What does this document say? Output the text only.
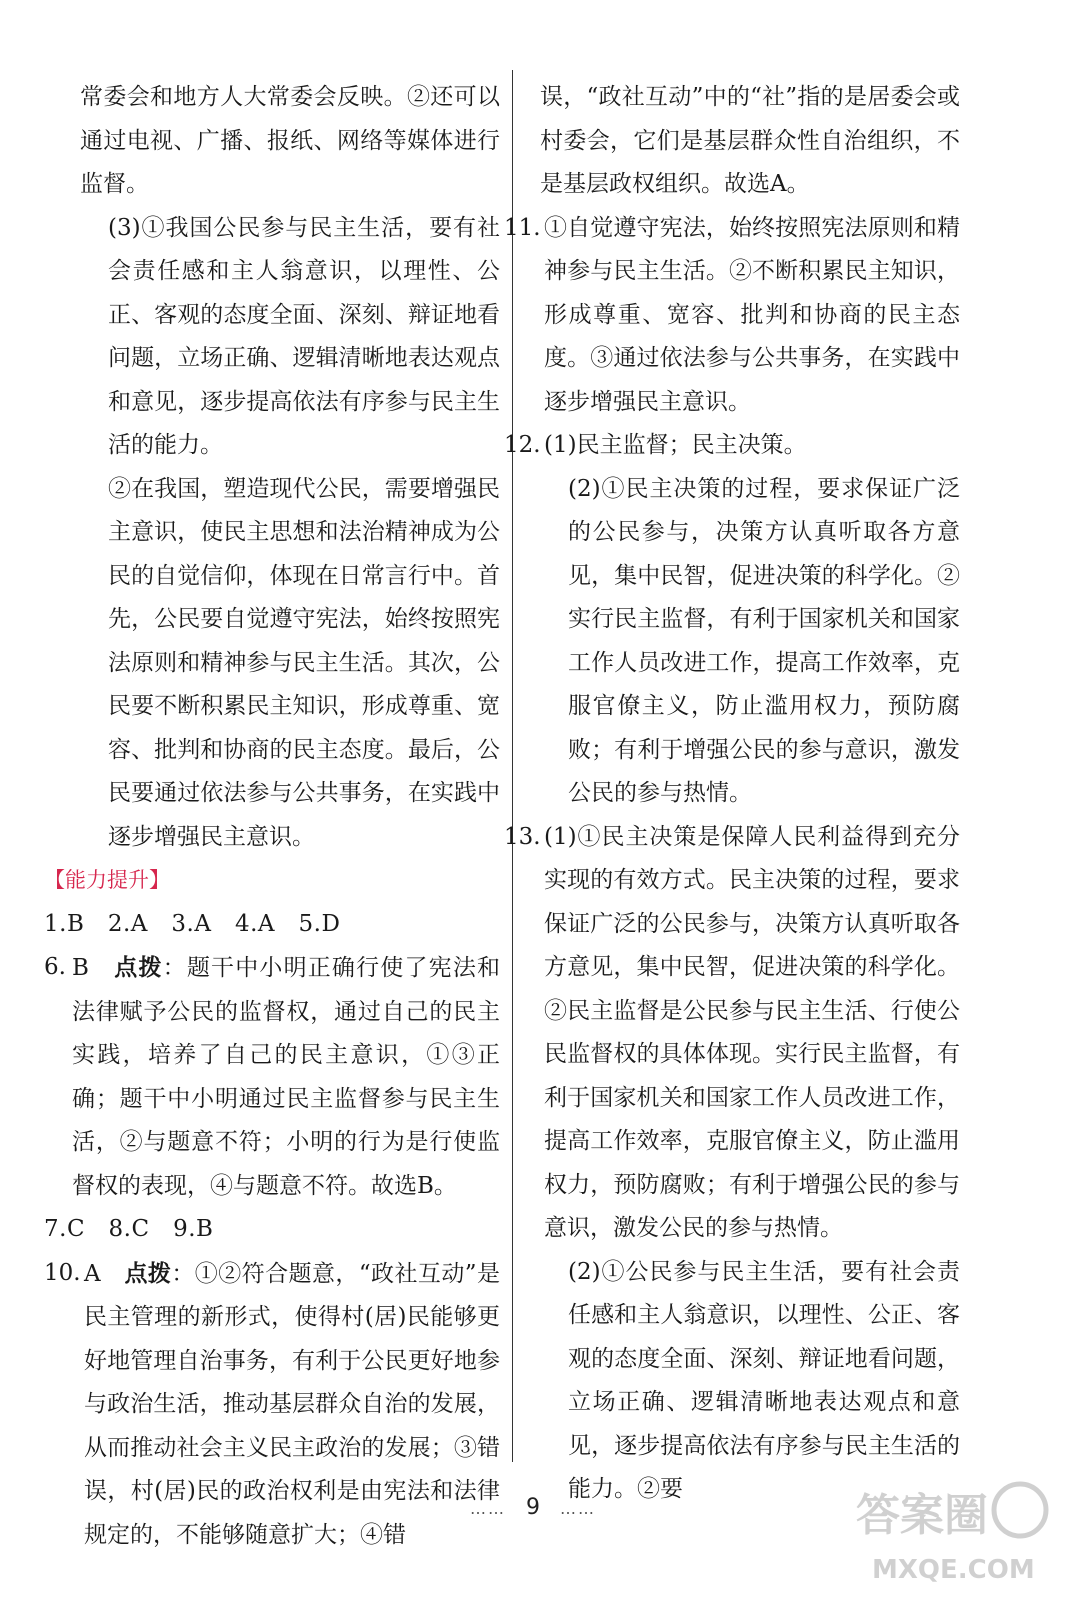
常委会和地方人大常委会反映。②还可以通过电视、广播、报纸、网络等媒体进行监督。

(3)①我国公民参与民主生活，要有社会责任感和主人翁意识，以理性、公正、客观的态度全面、深刻、辩证地看问题，立场正确、逻辑清晰地表达观点和意见，逐步提高依法有序参与民主生活的能力。

②在我国，塑造现代公民，需要增强民主意识，使民主思想和法治精神成为公民的自觉信仰，体现在日常言行中。首先，公民要自觉遵守宪法，始终按照宪法原则和精神参与民主生活。其次，公民要不断积累民主知识，形成尊重、宽容、批判和协商的民主态度。最后，公民要通过依法参与公共事务，在实践中逐步增强民主意识。

【能力提升】
1.B　2.A　3.A　4.A　5.D
6. B　 点拨：题干中小明正确行使了宪法和法律赋予公民的监督权，通过自己的民主实践，培养了自己的民主意识，①③正确；题干中小明通过民主监督参与民主生活，②与题意不符；小明的行为是行使监督权的表现，④与题意不符。故选B。
7.C　8.C　9.B
10. A　 点拨：①②符合题意，“政社互动”是民主管理的新形式，使得村(居)民能够更好地管理自治事务，有利于公民更好地参与政治生活，推动基层群众自治的发展，从而推动社会主义民主政治的发展；③错误，村(居)民的政治权利是由宪法和法律规定的，不能够随意扩大；④错

误，“政社互动”中的“社”指的是居委会或村委会，它们是基层群众性自治组织，不是基层政权组织。故选A。

11. ①自觉遵守宪法，始终按照宪法原则和精神参与民主生活。②不断积累民主知识，形成尊重、宽容、批判和协商的民主态度。③通过依法参与公共事务，在实践中逐步增强民主意识。
12. (1)民主监督；民主决策。

(2)①民主决策的过程，要求保证广泛的公民参与，决策方认真听取各方意见，集中民智，促进决策的科学化。②实行民主监督，有利于国家机关和国家工作人员改进工作，提高工作效率，克服官僚主义，防止滥用权力，预防腐败；有利于增强公民的参与意识，激发公民的参与热情。

13. (1)①民主决策是保障人民利益得到充分实现的有效方式。民主决策的过程，要求保证广泛的公民参与，决策方认真听取各方意见，集中民智，促进决策的科学化。②民主监督是公民参与民主生活、行使公民监督权的具体体现。实行民主监督，有利于国家机关和国家工作人员改进工作，提高工作效率，克服官僚主义，防止滥用权力，预防腐败；有利于增强公民的参与意识，激发公民的参与热情。

(2)①公民参与民主生活，要有社会责任感和主人翁意识，以理性、公正、客观的态度全面、深刻、辩证地看问题，立场正确、逻辑清晰地表达观点和意见，逐步提高依法有序参与民主生活的能力。②要

…… 9 ……	答案圈
MXQE.COM
